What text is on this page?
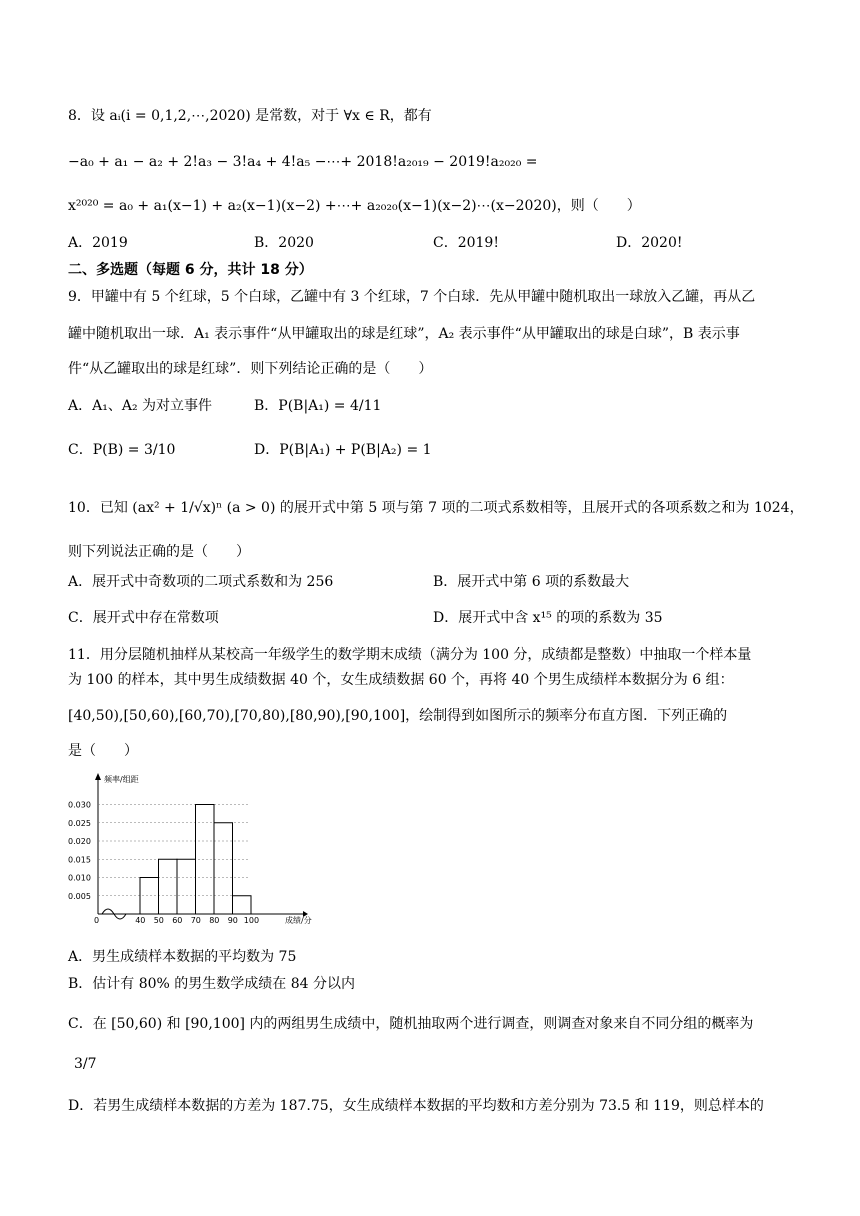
8．设 aᵢ(i = 0,1,2,⋯,2020) 是常数，对于 ∀x ∈ R，都有
−a₀ + a₁ − a₂ + 2!a₃ − 3!a₄ + 4!a₅ −⋯+ 2018!a₂₀₁₉ − 2019!a₂₀₂₀ =
x²⁰²⁰ = a₀ + a₁(x−1) + a₂(x−1)(x−2) +⋯+ a₂₀₂₀(x−1)(x−2)⋯(x−2020)，则（　　）
A．2019	B．2020	C．2019!	D．2020!
二、多选题（每题 6 分，共计 18 分）
9．甲罐中有 5 个红球，5 个白球，乙罐中有 3 个红球，7 个白球．先从甲罐中随机取出一球放入乙罐，再从乙
罐中随机取出一球．A₁ 表示事件“从甲罐取出的球是红球”，A₂ 表示事件“从甲罐取出的球是白球”，B 表示事
件“从乙罐取出的球是红球”．则下列结论正确的是（　　）
A．A₁、A₂ 为对立事件	B．P(B|A₁) = 4/11
C．P(B) = 3/10	D．P(B|A₁) + P(B|A₂) = 1
10．已知 (ax² + 1/√x)ⁿ (a > 0) 的展开式中第 5 项与第 7 项的二项式系数相等，且展开式的各项系数之和为 1024，
则下列说法正确的是（　　）
A．展开式中奇数项的二项式系数和为 256	B．展开式中第 6 项的系数最大
C．展开式中存在常数项	D．展开式中含 x¹⁵ 的项的系数为 35
11．用分层随机抽样从某校高一年级学生的数学期末成绩（满分为 100 分，成绩都是整数）中抽取一个样本量
为 100 的样本，其中男生成绩数据 40 个，女生成绩数据 60 个，再将 40 个男生成绩样本数据分为 6 组：
[40,50),[50,60),[60,70),[70,80),[80,90),[90,100]，绘制得到如图所示的频率分布直方图．下列正确的
是（　　）
频率/组距
成绩/分
0
0.030
0.025
0.020
0.015
0.010
0.005
40 50 60 70 80 90 100
A．男生成绩样本数据的平均数为 75
B．估计有 80% 的男生数学成绩在 84 分以内
C．在 [50,60) 和 [90,100] 内的两组男生成绩中，随机抽取两个进行调查，则调查对象来自不同分组的概率为
3/7
D．若男生成绩样本数据的方差为 187.75，女生成绩样本数据的平均数和方差分别为 73.5 和 119，则总样本的
